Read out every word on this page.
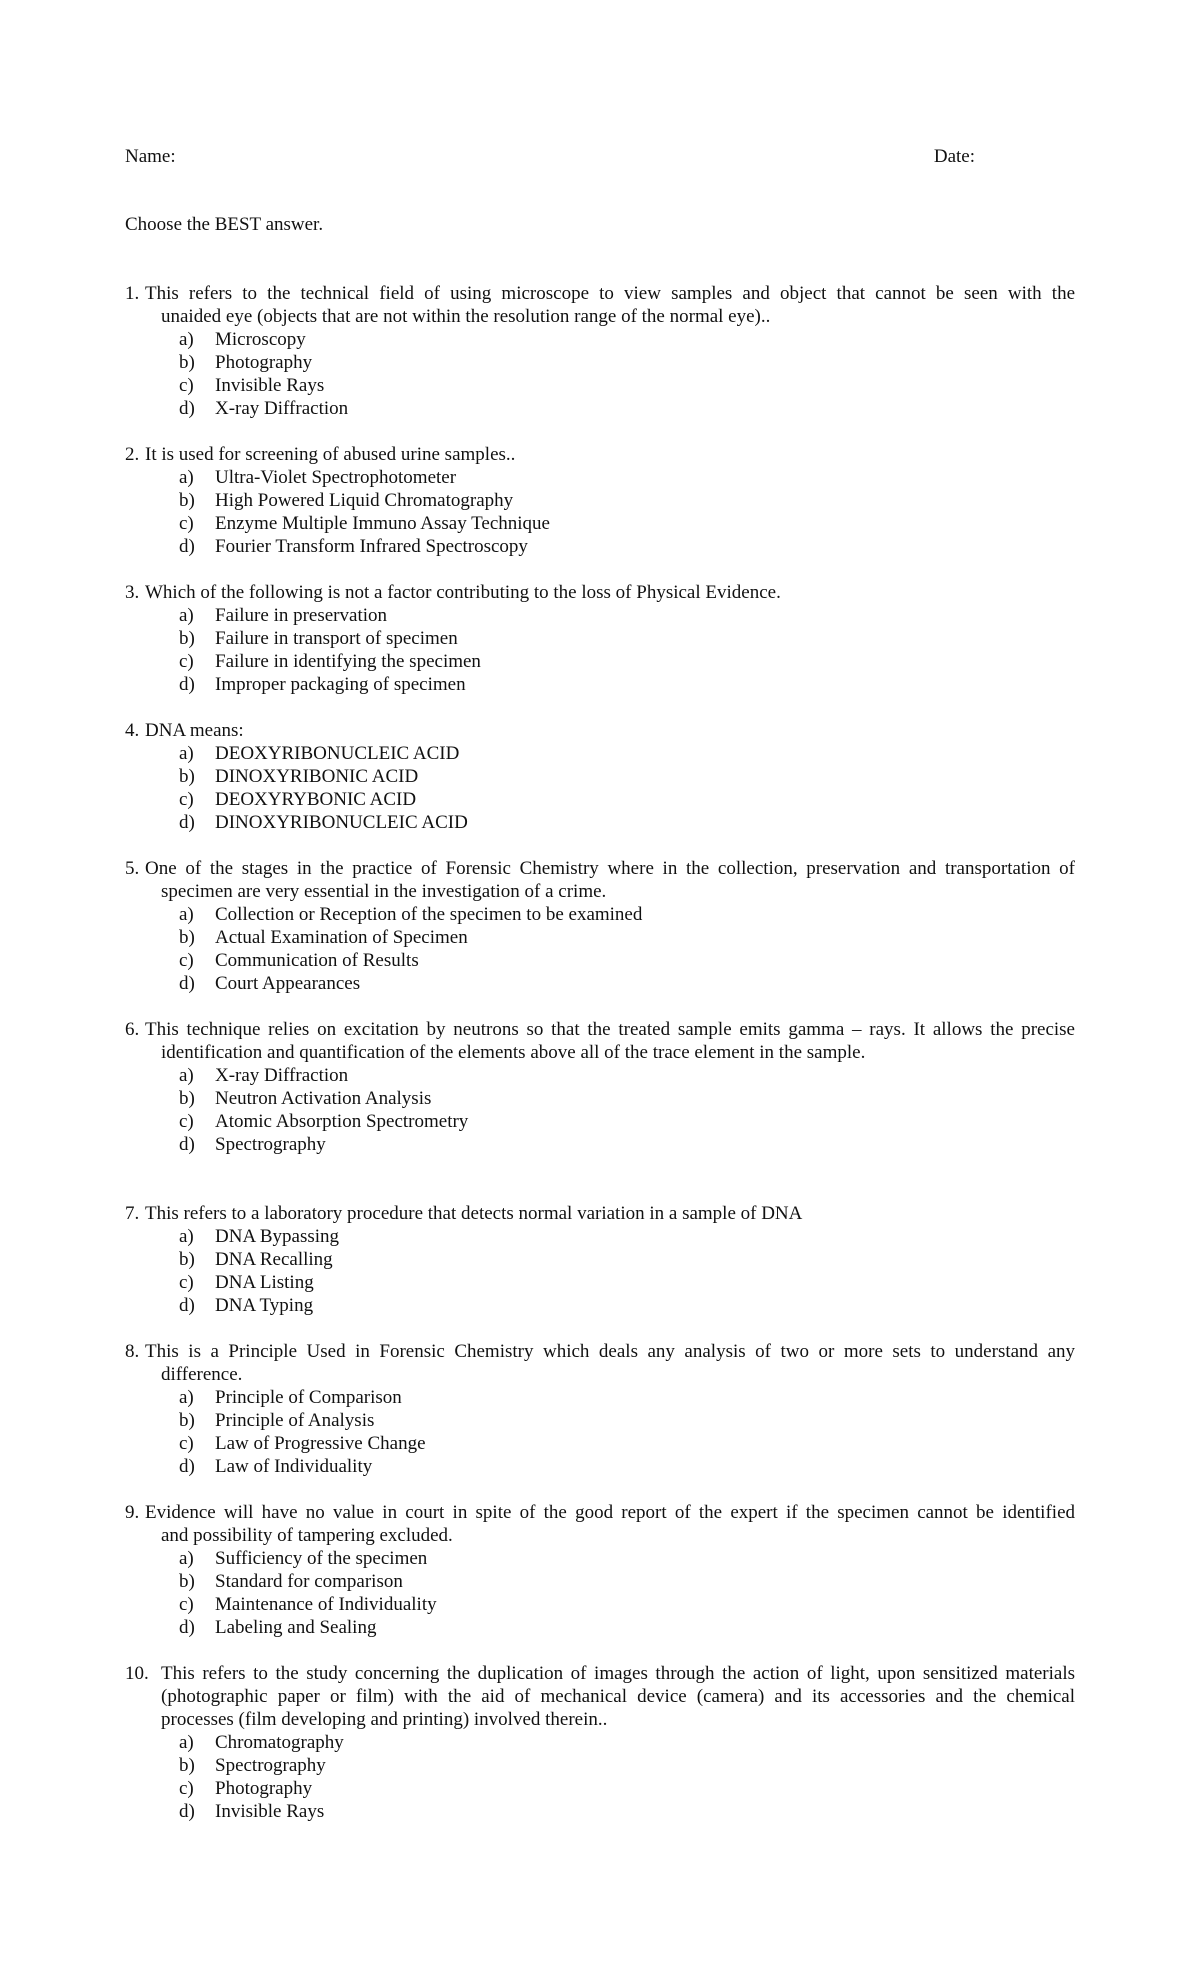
Name:	Date:
Choose the BEST answer.
1. This refers to the technical field of using microscope to view samples and object that cannot be seen with the
unaided eye (objects that are not within the resolution range of the normal eye)..
a)	Microscopy
b)	Photography
c)	Invisible Rays
d)	X-ray Diffraction
2. It is used for screening of abused urine samples..
a)	Ultra-Violet Spectrophotometer
b)	High Powered Liquid Chromatography
c)	Enzyme Multiple Immuno Assay Technique
d)	Fourier Transform Infrared Spectroscopy
3. Which of the following is not a factor contributing to the loss of Physical Evidence.
a)	Failure in preservation
b)	Failure in transport of specimen
c)	Failure in identifying the specimen
d)	Improper packaging of specimen
4. DNA means:
a)	DEOXYRIBONUCLEIC ACID
b)	DINOXYRIBONIC ACID
c)	DEOXYRYBONIC ACID
d)	DINOXYRIBONUCLEIC ACID
5. One of the stages in the practice of Forensic Chemistry where in the collection, preservation and transportation of
specimen are very essential in the investigation of a crime.
a)	Collection or Reception of the specimen to be examined
b)	Actual Examination of Specimen
c)	Communication of Results
d)	Court Appearances
6. This technique relies on excitation by neutrons so that the treated sample emits gamma – rays. It allows the precise
identification and quantification of the elements above all of the trace element in the sample.
a)	X-ray Diffraction
b)	Neutron Activation Analysis
c)	Atomic Absorption Spectrometry
d)	Spectrography
7. This refers to a laboratory procedure that detects normal variation in a sample of DNA
a)	DNA Bypassing
b)	DNA Recalling
c)	DNA Listing
d)	DNA Typing
8. This is a Principle Used in Forensic Chemistry which deals any analysis of two or more sets to understand any
difference.
a)	Principle of Comparison
b)	Principle of Analysis
c)	Law of Progressive Change
d)	Law of Individuality
9. Evidence will have no value in court in spite of the good report of the expert if the specimen cannot be identified
and possibility of tampering excluded.
a)	Sufficiency of the specimen
b)	Standard for comparison
c)	Maintenance of Individuality
d)	Labeling and Sealing
10. This refers to the study concerning the duplication of images through the action of light, upon sensitized materials
(photographic paper or film) with the aid of mechanical device (camera) and its accessories and the chemical
processes (film developing and printing) involved therein..
a)	Chromatography
b)	Spectrography
c)	Photography
d)	Invisible Rays
